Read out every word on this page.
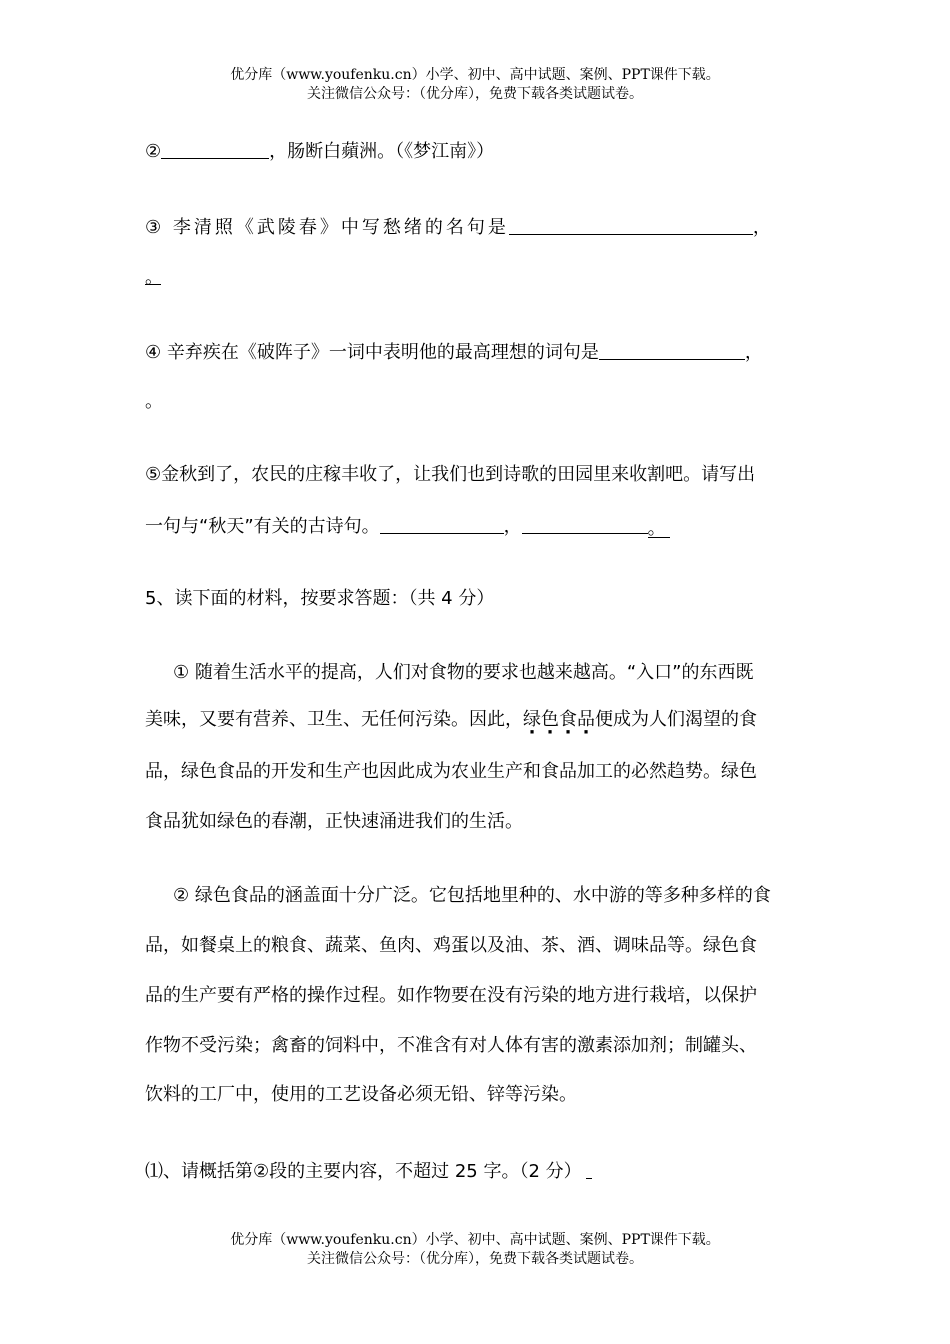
优分库（www.youfenku.cn）小学、初中、高中试题、案例、PPT课件下载。
关注微信公众号：（优分库），免费下载各类试题试卷。
②	，肠断白蘋洲。（《梦江南》）
③ 李清照《武陵春》中写愁绪的名句是	，
。
④ 辛弃疾在《破阵子》一词中表明他的最高理想的词句是	，
。
⑤金秋到了，农民的庄稼丰收了，让我们也到诗歌的田园里来收割吧。请写出
一句与“秋天”有关的古诗句。	，	。
5、读下面的材料，按要求答题：（共 4 分）
① 随着生活水平的提高，人们对食物的要求也越来越高。“入口”的东西既
美味，又要有营养、卫生、无任何污染。因此，绿色食品便成为人们渴望的食
品，绿色食品的开发和生产也因此成为农业生产和食品加工的必然趋势。绿色
食品犹如绿色的春潮，正快速涌进我们的生活。
② 绿色食品的涵盖面十分广泛。它包括地里种的、水中游的等多种多样的食
品，如餐桌上的粮食、蔬菜、鱼肉、鸡蛋以及油、茶、酒、调味品等。绿色食
品的生产要有严格的操作过程。如作物要在没有污染的地方进行栽培，以保护
作物不受污染；禽畜的饲料中，不准含有对人体有害的激素添加剂；制罐头、
饮料的工厂中，使用的工艺设备必须无铅、锌等污染。
⑴、请概括第②段的主要内容，不超过 25 字。（2 分）
优分库（www.youfenku.cn）小学、初中、高中试题、案例、PPT课件下载。
关注微信公众号：（优分库），免费下载各类试题试卷。
